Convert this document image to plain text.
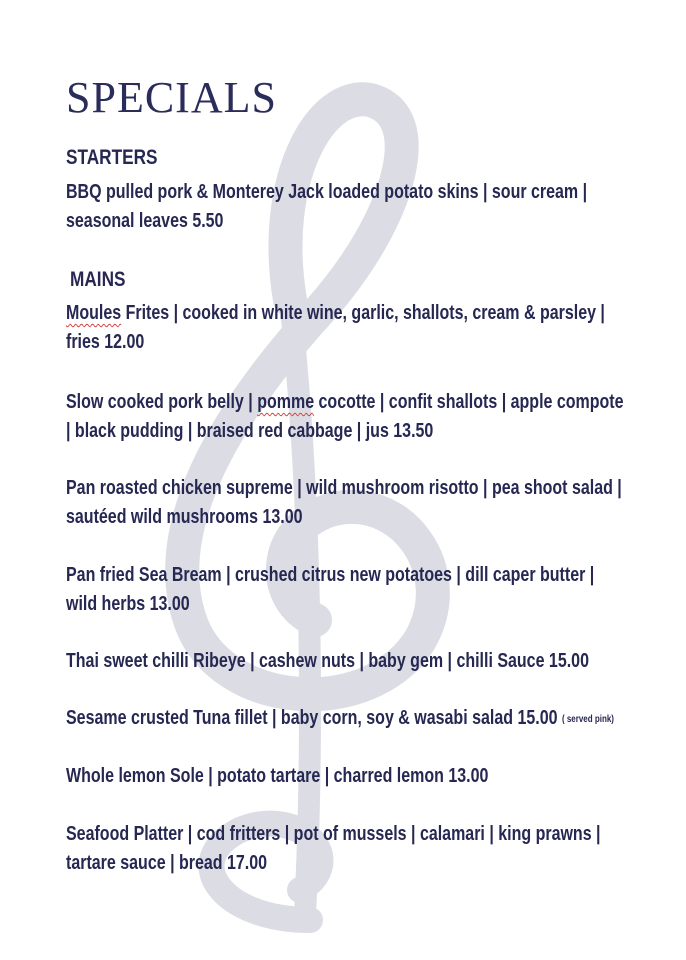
SPECIALS
STARTERS
BBQ pulled pork & Monterey Jack loaded potato skins | sour cream |
seasonal leaves 5.50
MAINS
Moules Frites | cooked in white wine, garlic, shallots, cream & parsley |
fries 12.00
Slow cooked pork belly | pomme cocotte | confit shallots | apple compote
| black pudding | braised red cabbage | jus 13.50
Pan roasted chicken supreme | wild mushroom risotto | pea shoot salad |
sautéed wild mushrooms 13.00
Pan fried Sea Bream | crushed citrus new potatoes | dill caper butter |
wild herbs 13.00
Thai sweet chilli Ribeye | cashew nuts | baby gem | chilli Sauce 15.00
Sesame crusted Tuna fillet | baby corn, soy & wasabi salad 15.00 ( served pink)
Whole lemon Sole | potato tartare | charred lemon 13.00
Seafood Platter | cod fritters | pot of mussels | calamari | king prawns |
tartare sauce | bread 17.00
